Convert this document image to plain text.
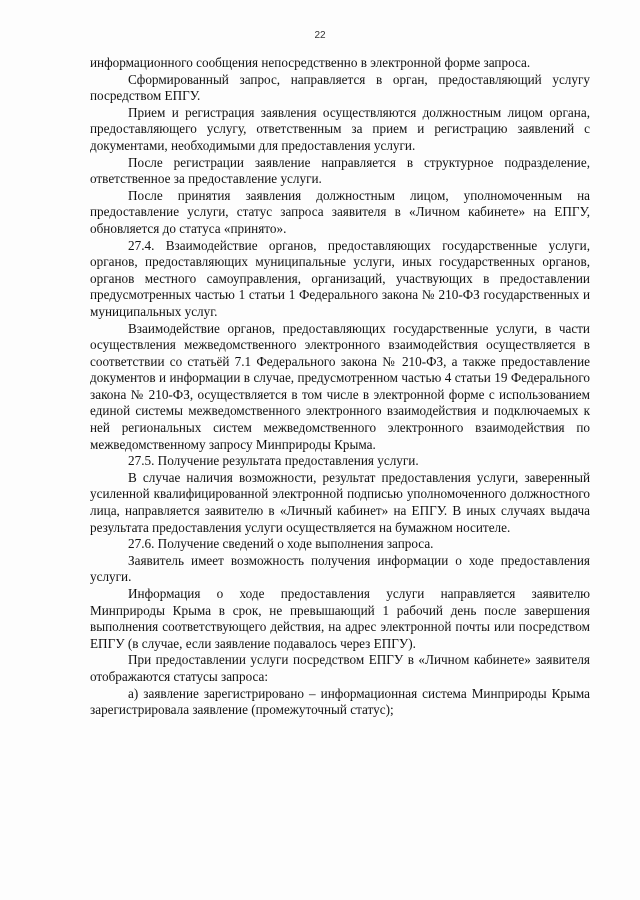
22

информационного сообщения непосредственно в электронной форме запроса.

Сформированный запрос, направляется в орган, предоставляющий услугу посредством ЕПГУ.

Прием и регистрация заявления осуществляются должностным лицом органа, предоставляющего услугу, ответственным за прием и регистрацию заявлений с документами, необходимыми для предоставления услуги.

После регистрации заявление направляется в структурное подразделение, ответственное за предоставление услуги.

После принятия заявления должностным лицом, уполномоченным на предоставление услуги, статус запроса заявителя в «Личном кабинете» на ЕПГУ, обновляется до статуса «принято».

27.4. Взаимодействие органов, предоставляющих государственные услуги, органов, предоставляющих муниципальные услуги, иных государственных органов, органов местного самоуправления, организаций, участвующих в предоставлении предусмотренных частью 1 статьи 1 Федерального закона № 210-ФЗ государственных и муниципальных услуг.

Взаимодействие органов, предоставляющих государственные услуги, в части осуществления межведомственного электронного взаимодействия осуществляется в соответствии со статьёй 7.1 Федерального закона № 210-ФЗ, а также предоставление документов и информации в случае, предусмотренном частью 4 статьи 19 Федерального закона № 210-ФЗ, осуществляется в том числе в электронной форме с использованием единой системы межведомственного электронного взаимодействия и подключаемых к ней региональных систем межведомственного электронного взаимодействия по межведомственному запросу Минприроды Крыма.

27.5. Получение результата предоставления услуги.

В случае наличия возможности, результат предоставления услуги, заверенный усиленной квалифицированной электронной подписью уполномоченного должностного лица, направляется заявителю в «Личный кабинет» на ЕПГУ. В иных случаях выдача результата предоставления услуги осуществляется на бумажном носителе.

27.6. Получение сведений о ходе выполнения запроса.

Заявитель имеет возможность получения информации о ходе предоставления услуги.

Информация о ходе предоставления услуги направляется заявителю Минприроды Крыма в срок, не превышающий 1 рабочий день после завершения выполнения соответствующего действия, на адрес электронной почты или посредством ЕПГУ (в случае, если заявление подавалось через ЕПГУ).

При предоставлении услуги посредством ЕПГУ в «Личном кабинете» заявителя отображаются статусы запроса:

а) заявление зарегистрировано – информационная система Минприроды Крыма зарегистрировала заявление (промежуточный статус);
